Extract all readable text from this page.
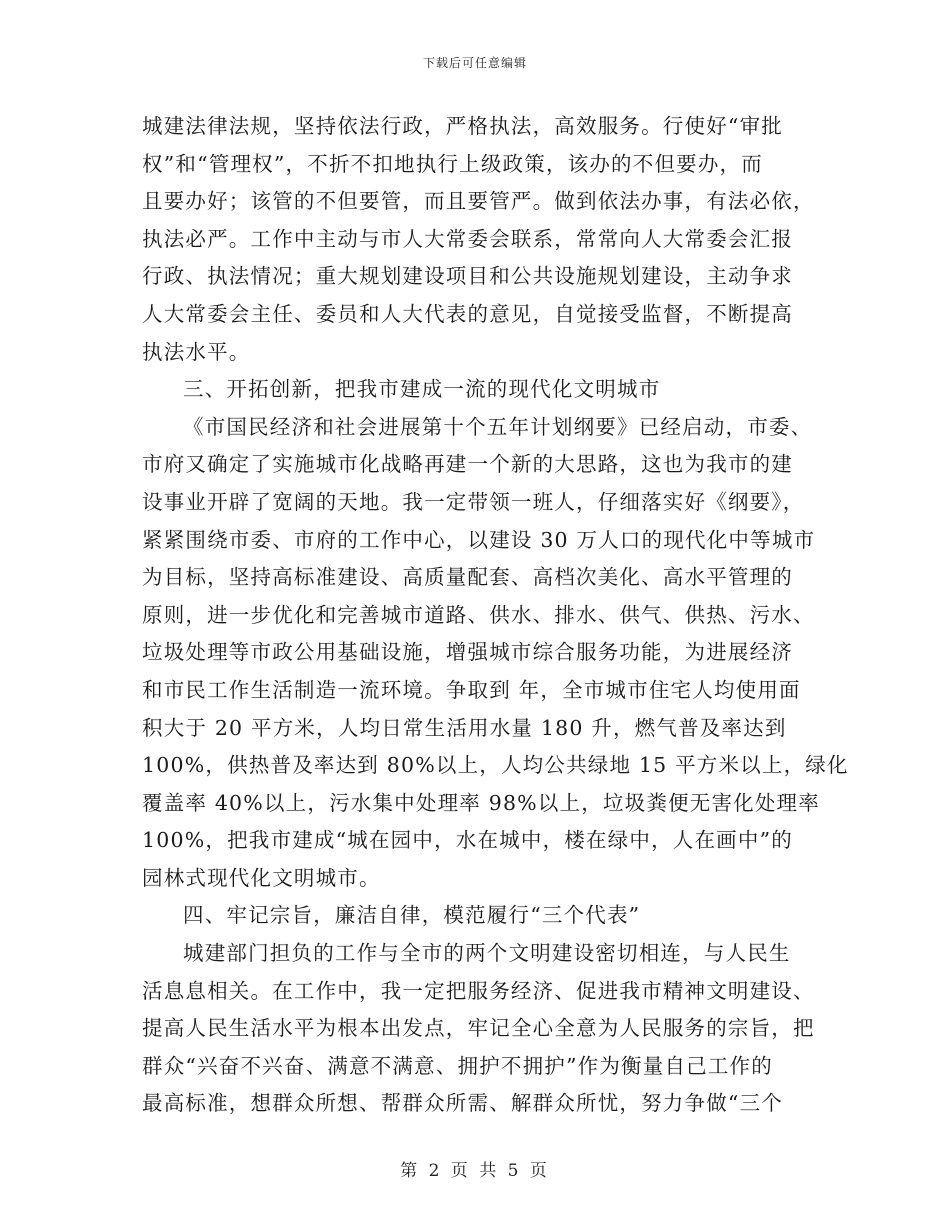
下载后可任意编辑
城建法律法规，坚持依法行政，严格执法，高效服务。行使好“审批
权”和“管理权”，不折不扣地执行上级政策，该办的不但要办，而
且要办好；该管的不但要管，而且要管严。做到依法办事，有法必依，
执法必严。工作中主动与市人大常委会联系，常常向人大常委会汇报
行政、执法情况；重大规划建设项目和公共设施规划建设，主动争求
人大常委会主任、委员和人大代表的意见，自觉接受监督，不断提高
执法水平。
三、开拓创新，把我市建成一流的现代化文明城市
《市国民经济和社会进展第十个五年计划纲要》已经启动，市委、
市府又确定了实施城市化战略再建一个新的大思路，这也为我市的建
设事业开辟了宽阔的天地。我一定带领一班人，仔细落实好《纲要》，
紧紧围绕市委、市府的工作中心，以建设 30 万人口的现代化中等城市
为目标，坚持高标准建设、高质量配套、高档次美化、高水平管理的
原则，进一步优化和完善城市道路、供水、排水、供气、供热、污水、
垃圾处理等市政公用基础设施，增强城市综合服务功能，为进展经济
和市民工作生活制造一流环境。争取到 年，全市城市住宅人均使用面
积大于 20 平方米，人均日常生活用水量 180 升，燃气普及率达到
100%，供热普及率达到 80%以上，人均公共绿地 15 平方米以上，绿化
覆盖率 40%以上，污水集中处理率 98%以上，垃圾粪便无害化处理率
100%，把我市建成“城在园中，水在城中，楼在绿中，人在画中”的
园林式现代化文明城市。
四、牢记宗旨，廉洁自律，模范履行“三个代表”
城建部门担负的工作与全市的两个文明建设密切相连，与人民生
活息息相关。在工作中，我一定把服务经济、促进我市精神文明建设、
提高人民生活水平为根本出发点，牢记全心全意为人民服务的宗旨，把
群众“兴奋不兴奋、满意不满意、拥护不拥护”作为衡量自己工作的
最高标准，想群众所想、帮群众所需、解群众所忧，努力争做“三个
第 2 页 共 5 页
